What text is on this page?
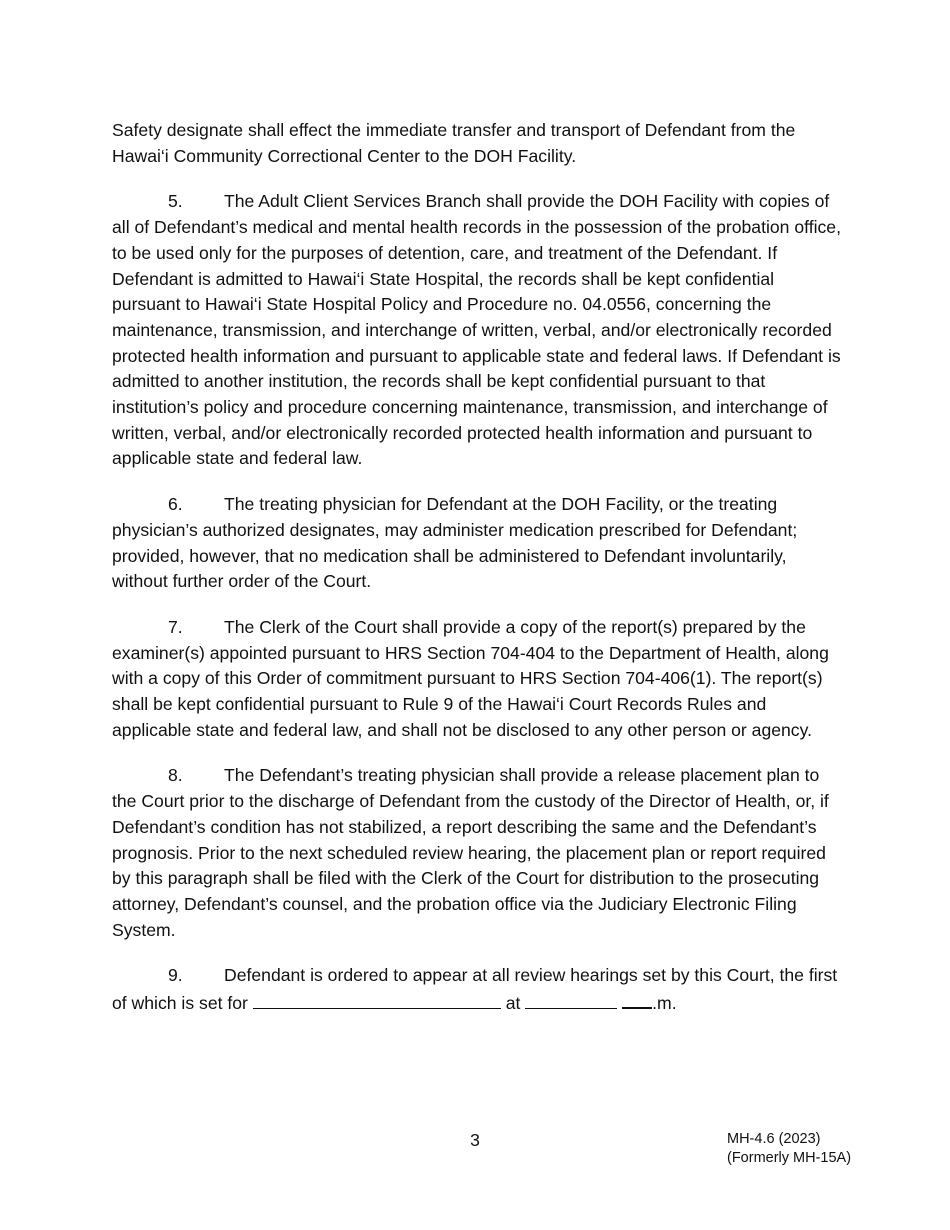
Safety designate shall effect the immediate transfer and transport of Defendant from the Hawai‘i Community Correctional Center to the DOH Facility.

5. The Adult Client Services Branch shall provide the DOH Facility with copies of all of Defendant’s medical and mental health records in the possession of the probation office, to be used only for the purposes of detention, care, and treatment of the Defendant. If Defendant is admitted to Hawai‘i State Hospital, the records shall be kept confidential pursuant to Hawai‘i State Hospital Policy and Procedure no. 04.0556, concerning the maintenance, transmission, and interchange of written, verbal, and/or electronically recorded protected health information and pursuant to applicable state and federal laws. If Defendant is admitted to another institution, the records shall be kept confidential pursuant to that institution’s policy and procedure concerning maintenance, transmission, and interchange of written, verbal, and/or electronically recorded protected health information and pursuant to applicable state and federal law.

6. The treating physician for Defendant at the DOH Facility, or the treating physician’s authorized designates, may administer medication prescribed for Defendant; provided, however, that no medication shall be administered to Defendant involuntarily, without further order of the Court.

7. The Clerk of the Court shall provide a copy of the report(s) prepared by the examiner(s) appointed pursuant to HRS Section 704-404 to the Department of Health, along with a copy of this Order of commitment pursuant to HRS Section 704-406(1). The report(s) shall be kept confidential pursuant to Rule 9 of the Hawai‘i Court Records Rules and applicable state and federal law, and shall not be disclosed to any other person or agency.

8. The Defendant’s treating physician shall provide a release placement plan to the Court prior to the discharge of Defendant from the custody of the Director of Health, or, if Defendant’s condition has not stabilized, a report describing the same and the Defendant’s prognosis. Prior to the next scheduled review hearing, the placement plan or report required by this paragraph shall be filed with the Clerk of the Court for distribution to the prosecuting attorney, Defendant’s counsel, and the probation office via the Judiciary Electronic Filing System.

9. Defendant is ordered to appear at all review hearings set by this Court, the first of which is set for	at	.m.

3	MH-4.6 (2023)
(Formerly MH-15A)
